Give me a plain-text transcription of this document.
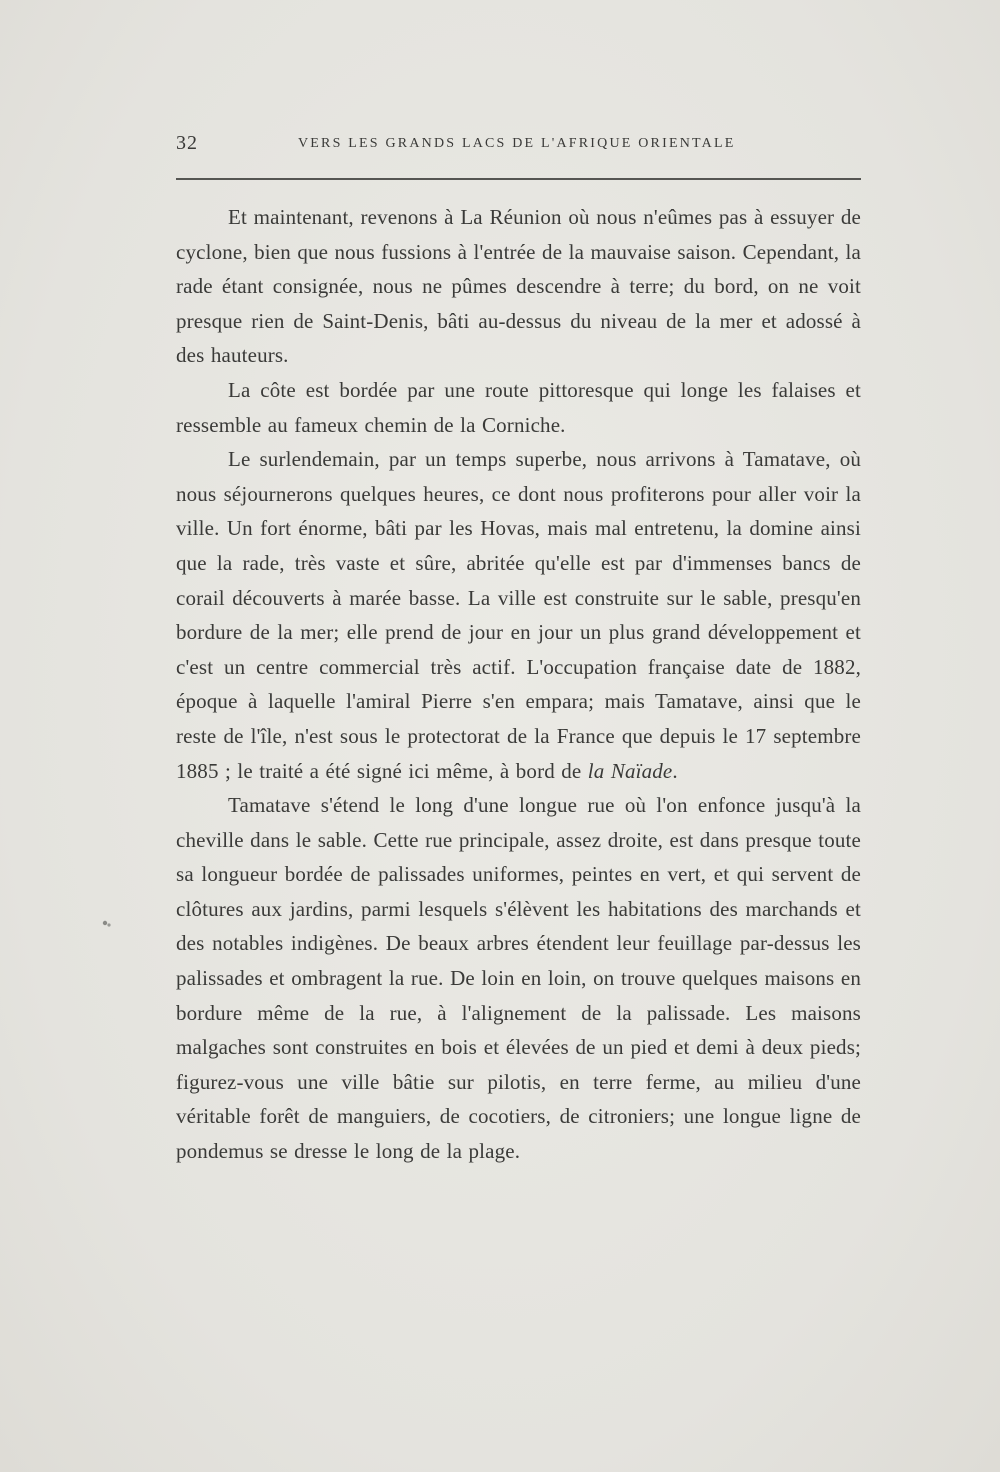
32	VERS LES GRANDS LACS DE L'AFRIQUE ORIENTALE

Et maintenant, revenons à La Réunion où nous n'eûmes pas à essuyer de cyclone, bien que nous fussions à l'entrée de la mauvaise saison. Cependant, la rade étant consignée, nous ne pûmes descendre à terre; du bord, on ne voit presque rien de Saint-Denis, bâti au-dessus du niveau de la mer et adossé à des hauteurs.

La côte est bordée par une route pittoresque qui longe les falaises et ressemble au fameux chemin de la Corniche.

Le surlendemain, par un temps superbe, nous arrivons à Tamatave, où nous séjournerons quelques heures, ce dont nous profiterons pour aller voir la ville. Un fort énorme, bâti par les Hovas, mais mal entretenu, la domine ainsi que la rade, très vaste et sûre, abritée qu'elle est par d'immenses bancs de corail découverts à marée basse. La ville est construite sur le sable, presqu'en bordure de la mer; elle prend de jour en jour un plus grand développement et c'est un centre commercial très actif. L'occupation française date de 1882, époque à laquelle l'amiral Pierre s'en empara; mais Tamatave, ainsi que le reste de l'île, n'est sous le protectorat de la France que depuis le 17 septembre 1885 ; le traité a été signé ici même, à bord de la Naïade.

Tamatave s'étend le long d'une longue rue où l'on enfonce jusqu'à la cheville dans le sable. Cette rue principale, assez droite, est dans presque toute sa longueur bordée de palissades uniformes, peintes en vert, et qui servent de clôtures aux jardins, parmi lesquels s'élèvent les habitations des marchands et des notables indigènes. De beaux arbres étendent leur feuillage par-dessus les palissades et ombragent la rue. De loin en loin, on trouve quelques maisons en bordure même de la rue, à l'alignement de la palissade. Les maisons malgaches sont construites en bois et élevées de un pied et demi à deux pieds; figurez-vous une ville bâtie sur pilotis, en terre ferme, au milieu d'une véritable forêt de manguiers, de cocotiers, de citroniers; une longue ligne de pondemus se dresse le long de la plage.
